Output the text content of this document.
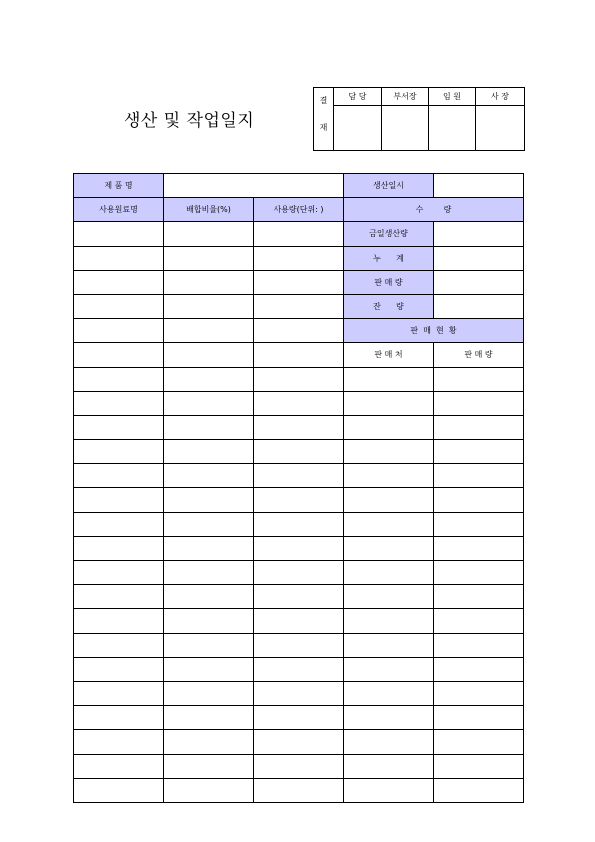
생산 및 작업일지
결	담 당	부서장	임 원	사 장
재				
제 품 명			생산일시	
사용원료명	배합비율(%)	사용량(단위: )	수        량	
			금일생산량	
			누      계	
			판 매 량	
			잔      량	
			판  매  현  황	
			판 매 처	판 매 량
